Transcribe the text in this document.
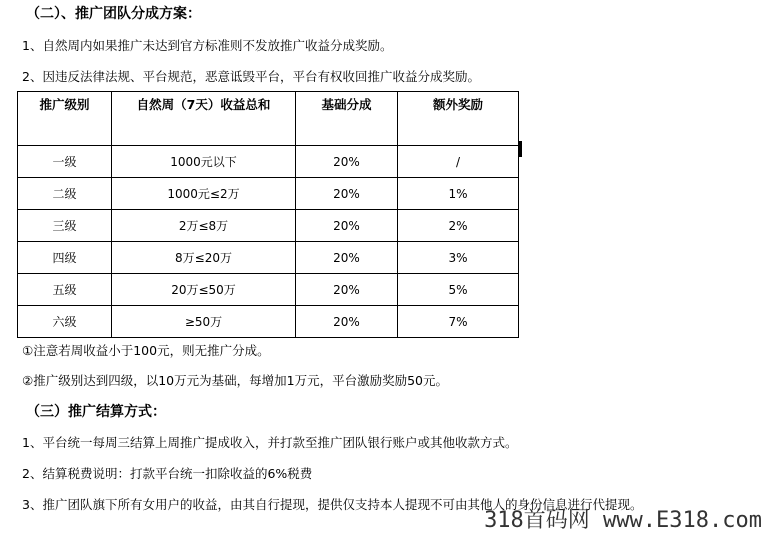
（二）、推广团队分成方案：
1、自然周内如果推广未达到官方标准则不发放推广收益分成奖励。
2、因违反法律法规、平台规范，恶意诋毁平台，平台有权收回推广收益分成奖励。
推广级别	自然周（7天）收益总和	基础分成	额外奖励
一级	1000元以下	20%	/
二级	1000元≤2万	20%	1%
三级	2万≤8万	20%	2%
四级	8万≤20万	20%	3%
五级	20万≤50万	20%	5%
六级	≥50万	20%	7%
①注意若周收益小于100元，则无推广分成。
②推广级别达到四级，以10万元为基础，每增加1万元，平台激励奖励50元。
（三）推广结算方式：
1、平台统一每周三结算上周推广提成收入，并打款至推广团队银行账户或其他收款方式。
2、结算税费说明：打款平台统一扣除收益的6%税费
3、推广团队旗下所有女用户的收益，由其自行提现，提供仅支持本人提现不可由其他人的身份信息进行代提现。
318首码网 www.E318.com
